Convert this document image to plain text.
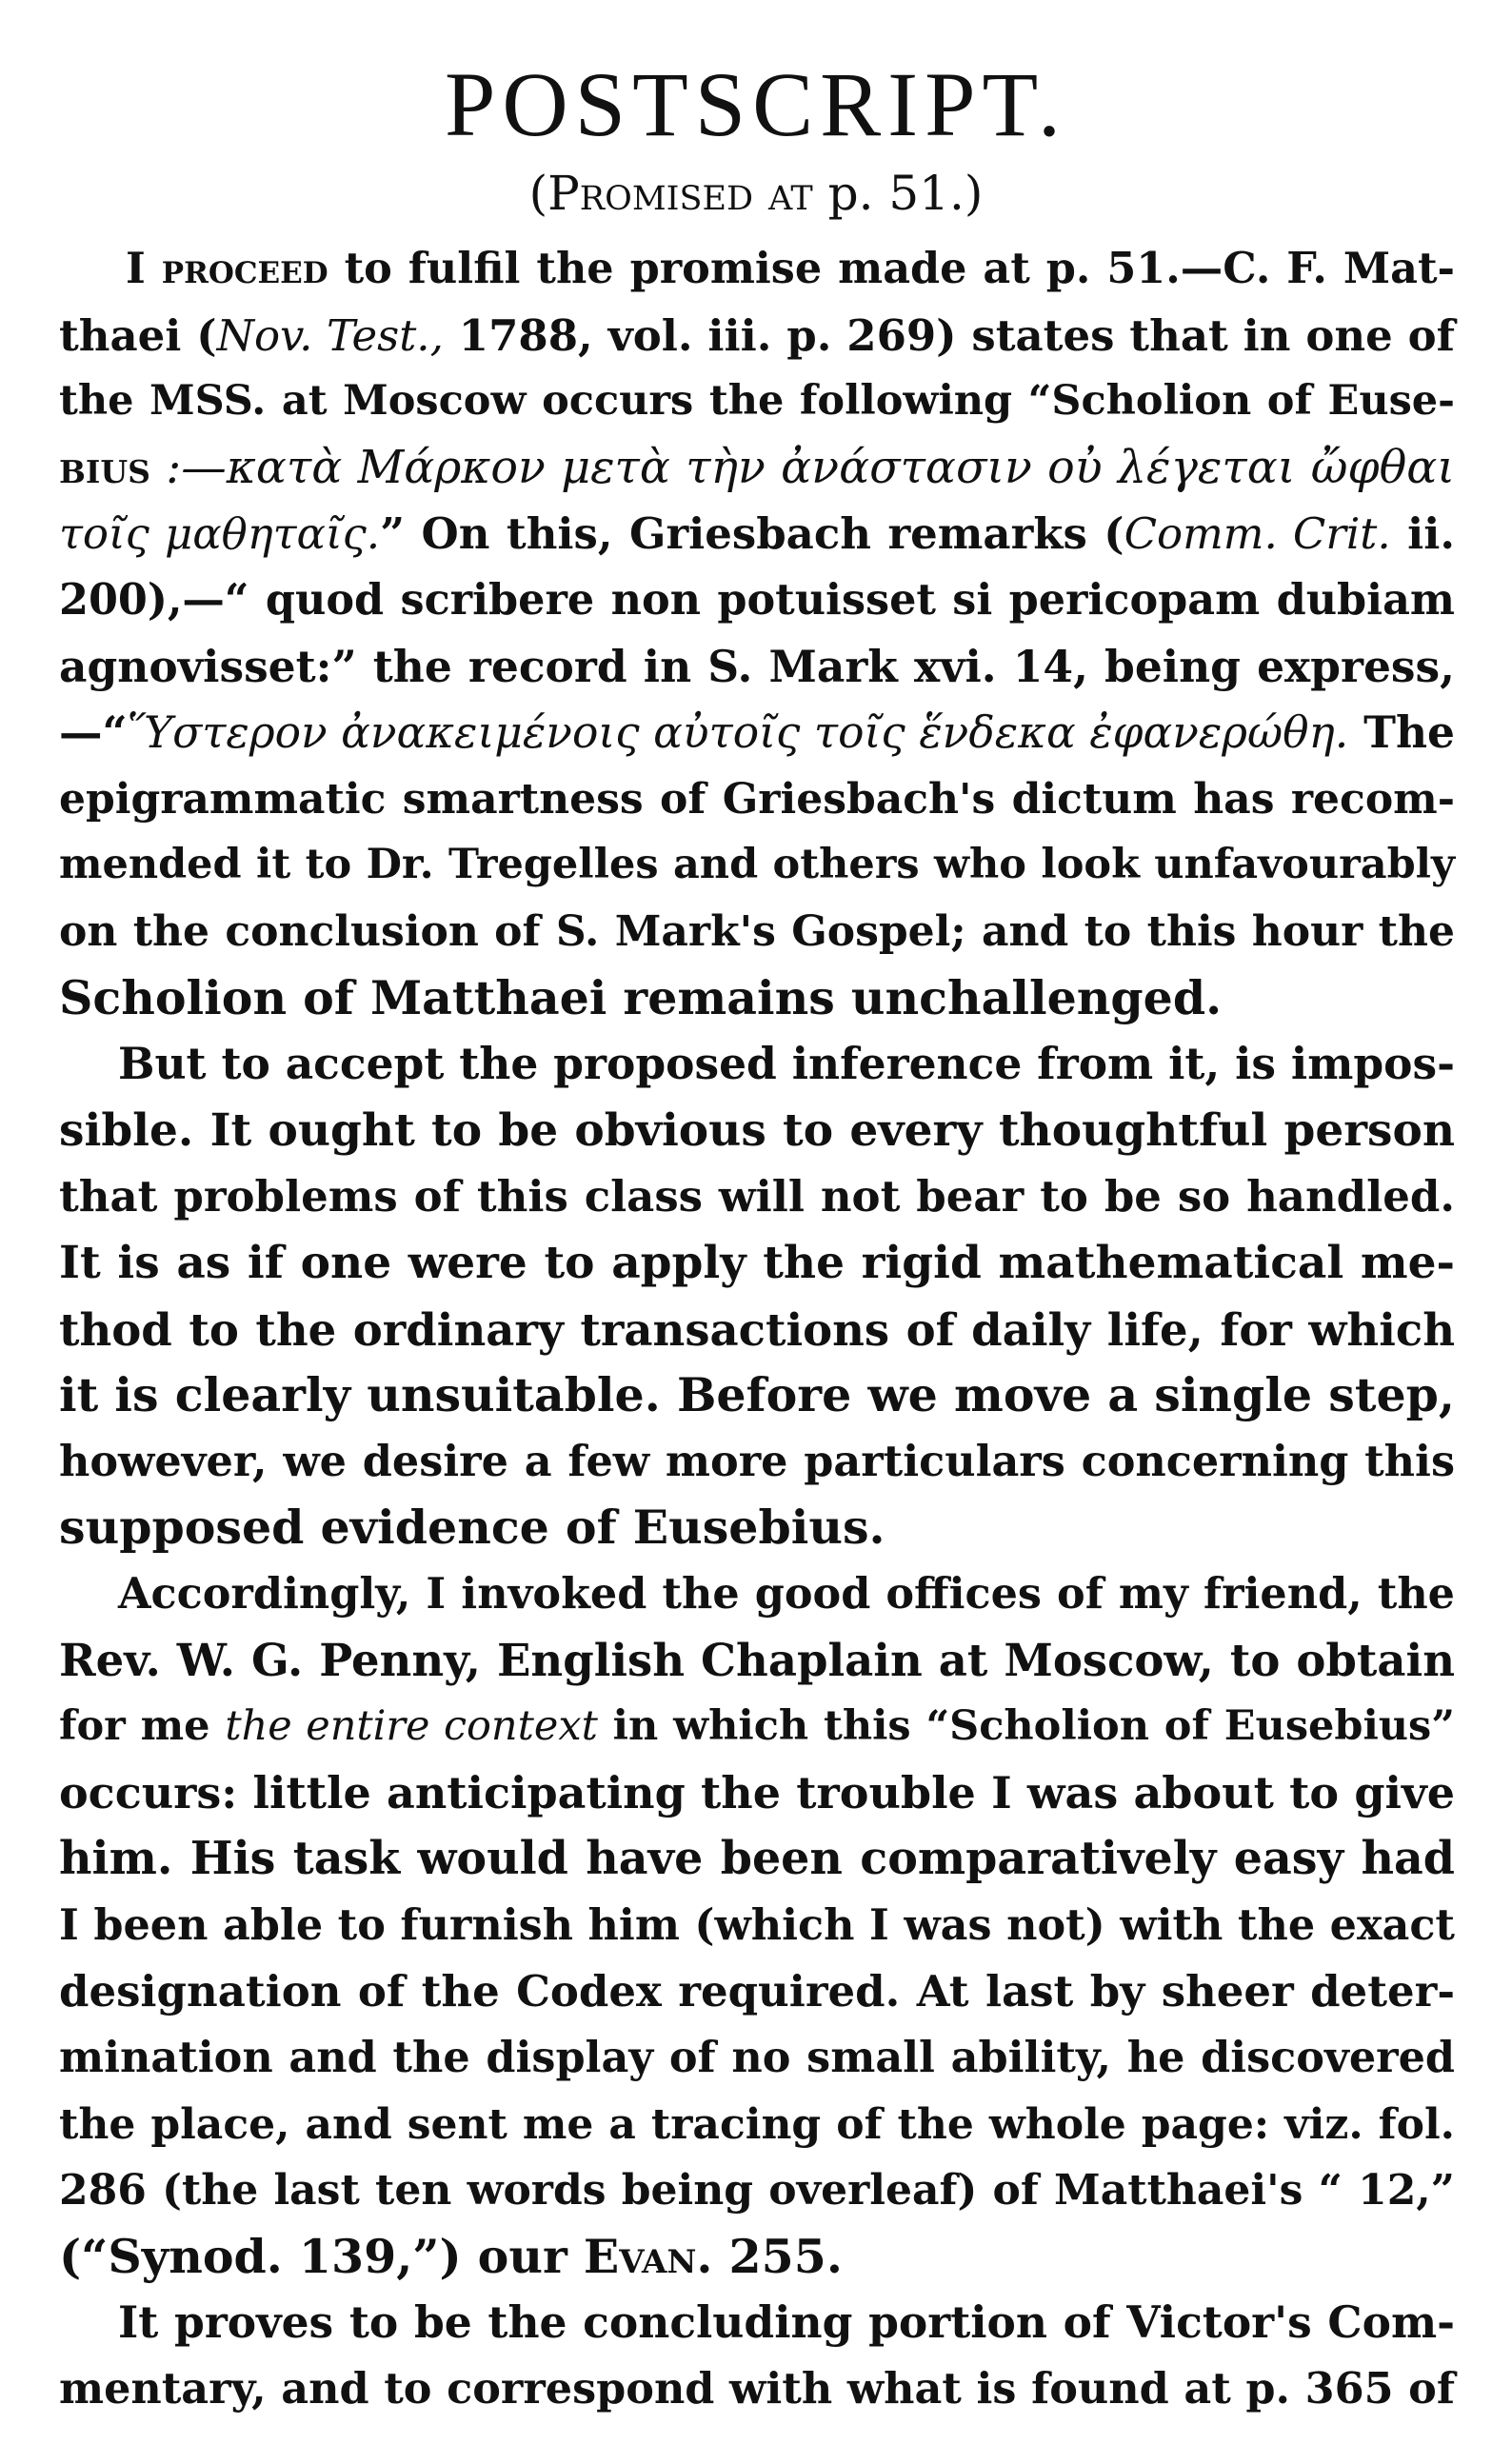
POSTSCRIPT.
(Promised at p. 51.)
I proceed to fulfil the promise made at p. 51.—C. F. Mat-
thaei (Nov. Test., 1788, vol. iii. p. 269) states that in one of
the MSS. at Moscow occurs the following “Scholion of Euse-
bius :—κατὰ Μάρκον μετὰ τὴν ἀνάστασιν οὐ λέγεται ὤφθαι
τοῖς μαθηταῖς.” On this, Griesbach remarks (Comm. Crit. ii.
200),—“ quod scribere non potuisset si pericopam dubiam
agnovisset:” the record in S. Mark xvi. 14, being express,
—“Ὕστερον ἀνακειμένοις αὐτοῖς τοῖς ἕνδεκα ἐφανερώθη. The
epigrammatic smartness of Griesbach's dictum has recom-
mended it to Dr. Tregelles and others who look unfavourably
on the conclusion of S. Mark's Gospel; and to this hour the
Scholion of Matthaei remains unchallenged.
But to accept the proposed inference from it, is impos-
sible. It ought to be obvious to every thoughtful person
that problems of this class will not bear to be so handled.
It is as if one were to apply the rigid mathematical me-
thod to the ordinary transactions of daily life, for which
it is clearly unsuitable. Before we move a single step,
however, we desire a few more particulars concerning this
supposed evidence of Eusebius.
Accordingly, I invoked the good offices of my friend, the
Rev. W. G. Penny, English Chaplain at Moscow, to obtain
for me the entire context in which this “Scholion of Eusebius”
occurs: little anticipating the trouble I was about to give
him. His task would have been comparatively easy had
I been able to furnish him (which I was not) with the exact
designation of the Codex required. At last by sheer deter-
mination and the display of no small ability, he discovered
the place, and sent me a tracing of the whole page: viz. fol.
286 (the last ten words being overleaf) of Matthaei's “ 12,”
(“Synod. 139,”) our Evan. 255.
It proves to be the concluding portion of Victor's Com-
mentary, and to correspond with what is found at p. 365 of
